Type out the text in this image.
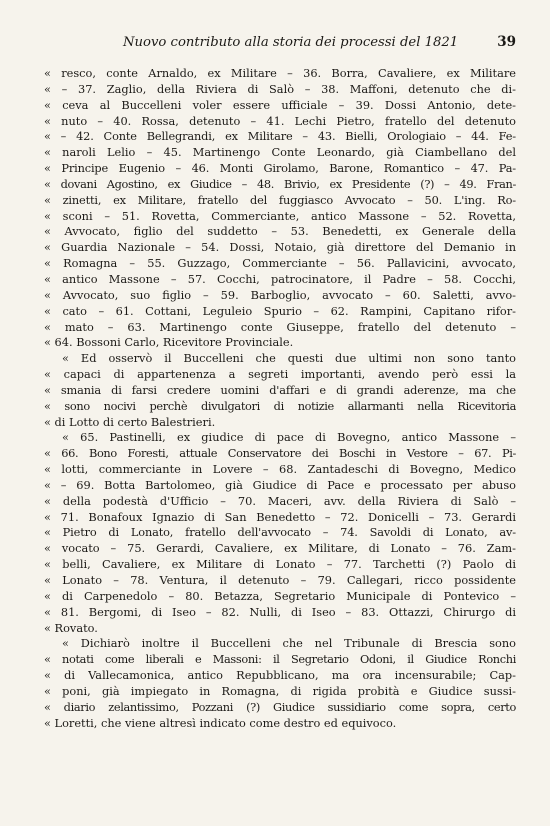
Nuovo contributo alla storia dei processi del 1821	39
« resco, conte Arnaldo, ex Militare – 36. Borra, Cavaliere, ex Militare
« – 37. Zaglio, della Riviera di Salò – 38. Maffoni, detenuto che di-
« ceva al Buccelleni voler essere ufficiale – 39. Dossi Antonio, dete-
« nuto – 40. Rossa, detenuto – 41. Lechi Pietro, fratello del detenuto
« – 42. Conte Bellegrandi, ex Militare – 43. Bielli, Orologiaio – 44. Fe-
« naroli Lelio – 45. Martinengo Conte Leonardo, già Ciambellano del
« Principe Eugenio – 46. Monti Girolamo, Barone, Romantico – 47. Pa-
« dovani Agostino, ex Giudice – 48. Brivio, ex Presidente (?) – 49. Fran-
« zinetti, ex Militare, fratello del fuggiasco Avvocato – 50. L'ing. Ro-
« sconi – 51. Rovetta, Commerciante, antico Massone – 52. Rovetta,
« Avvocato, figlio del suddetto – 53. Benedetti, ex Generale della
« Guardia Nazionale – 54. Dossi, Notaio, già direttore del Demanio in
« Romagna – 55. Guzzago, Commerciante – 56. Pallavicini, avvocato,
« antico Massone – 57. Cocchi, patrocinatore, il Padre – 58. Cocchi,
« Avvocato, suo figlio – 59. Barboglio, avvocato – 60. Saletti, avvo-
« cato – 61. Cottani, Leguleio Spurio – 62. Rampini, Capitano rifor-
« mato – 63. Martinengo conte Giuseppe, fratello del detenuto –
« 64. Bossoni Carlo, Ricevitore Provinciale.
« Ed osservò il Buccelleni che questi due ultimi non sono tanto
« capaci di appartenenza a segreti importanti, avendo però essi la
« smania di farsi credere uomini d'affari e di grandi aderenze, ma che
« sono nocivi perchè divulgatori di notizie allarmanti nella Ricevitoria
« di Lotto di certo Balestrieri.
« 65. Pastinelli, ex giudice di pace di Bovegno, antico Massone –
« 66. Bono Foresti, attuale Conservatore dei Boschi in Vestore – 67. Pi-
« lotti, commerciante in Lovere – 68. Zantadeschi di Bovegno, Medico
« – 69. Botta Bartolomeo, già Giudice di Pace e processato per abuso
« della podestà d'Ufficio – 70. Maceri, avv. della Riviera di Salò –
« 71. Bonafoux Ignazio di San Benedetto – 72. Donicelli – 73. Gerardi
« Pietro di Lonato, fratello dell'avvocato – 74. Savoldi di Lonato, av-
« vocato – 75. Gerardi, Cavaliere, ex Militare, di Lonato – 76. Zam-
« belli, Cavaliere, ex Militare di Lonato – 77. Tarchetti (?) Paolo di
« Lonato – 78. Ventura, il detenuto – 79. Callegari, ricco possidente
« di Carpenedolo – 80. Betazza, Segretario Municipale di Pontevico –
« 81. Bergomi, di Iseo – 82. Nulli, di Iseo – 83. Ottazzi, Chirurgo di
« Rovato.
« Dichiarò inoltre il Buccelleni che nel Tribunale di Brescia sono
« notati come liberali e Massoni: il Segretario Odoni, il Giudice Ronchi
« di Vallecamonica, antico Repubblicano, ma ora incensurabile; Cap-
« poni, già impiegato in Romagna, di rigida probità e Giudice sussi-
« diario zelantissimo, Pozzani (?) Giudice sussidiario come sopra, certo
« Loretti, che viene altresì indicato come destro ed equivoco.
